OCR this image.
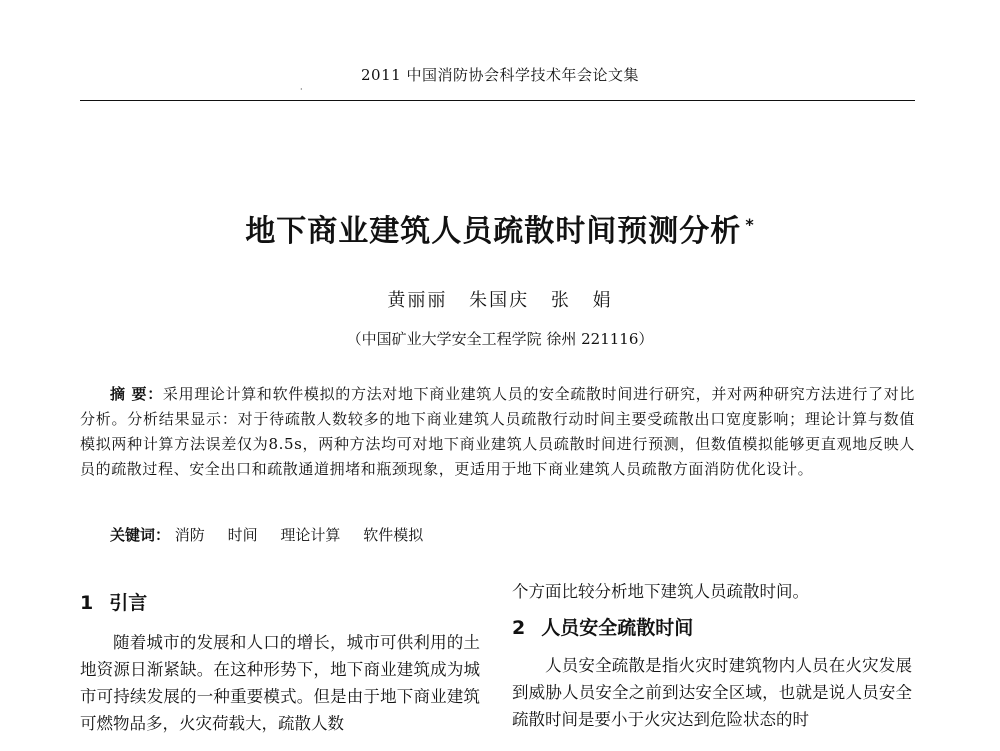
2011 中国消防协会科学技术年会论文集
·
地下商业建筑人员疏散时间预测分析 *
黄丽丽 朱国庆 张 娟
（中国矿业大学安全工程学院 徐州 221116）
摘 要：采用理论计算和软件模拟的方法对地下商业建筑人员的安全疏散时间进行研究，并对两种研究方法进行了对比分析。分析结果显示：对于待疏散人数较多的地下商业建筑人员疏散行动时间主要受疏散出口宽度影响；理论计算与数值模拟两种计算方法误差仅为8.5s，两种方法均可对地下商业建筑人员疏散时间进行预测，但数值模拟能够更直观地反映人员的疏散过程、安全出口和疏散通道拥堵和瓶颈现象，更适用于地下商业建筑人员疏散方面消防优化设计。
关键词： 消防 时间 理论计算 软件模拟
1 引言

随着城市的发展和人口的增长，城市可供利用的土地资源日渐紧缺。在这种形势下，地下商业建筑成为城市可持续发展的一种重要模式。但是由于地下商业建筑可燃物品多，火灾荷载大，疏散人数

个方面比较分析地下建筑人员疏散时间。

2 人员安全疏散时间

人员安全疏散是指火灾时建筑物内人员在火灾发展到威胁人员安全之前到达安全区域，也就是说人员安全疏散时间是要小于火灾达到危险状态的时
